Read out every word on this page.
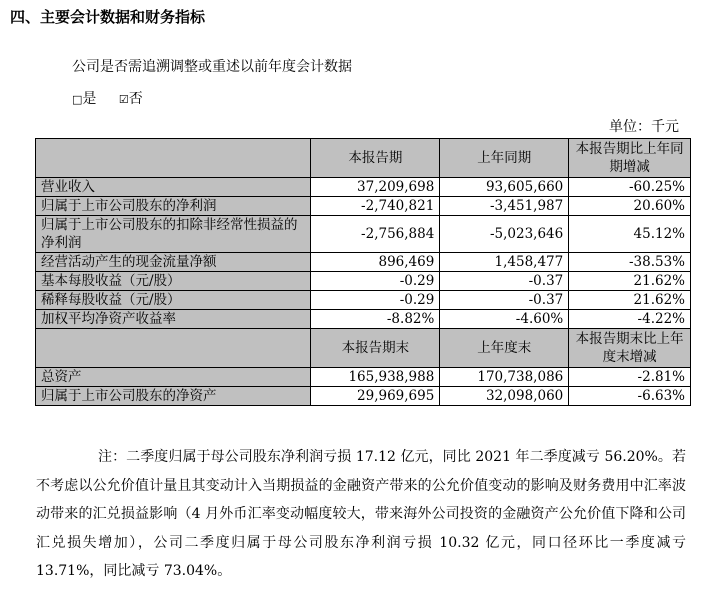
四、主要会计数据和财务指标
公司是否需追溯调整或重述以前年度会计数据
□是 ☑否
单位：千元
	本报告期	上年同期	本报告期比上年同期增减
营业收入	37,209,698	93,605,660	-60.25%
归属于上市公司股东的净利润	-2,740,821	-3,451,987	20.60%
归属于上市公司股东的扣除非经常性损益的净利润	-2,756,884	-5,023,646	45.12%
经营活动产生的现金流量净额	896,469	1,458,477	-38.53%
基本每股收益（元/股）	-0.29	-0.37	21.62%
稀释每股收益（元/股）	-0.29	-0.37	21.62%
加权平均净资产收益率	-8.82%	-4.60%	-4.22%
	本报告期末	上年度末	本报告期末比上年度末增减
总资产	165,938,988	170,738,086	-2.81%
归属于上市公司股东的净资产	29,969,695	32,098,060	-6.63%
注：二季度归属于母公司股东净利润亏损 17.12 亿元，同比 2021 年二季度减亏 56.20%。若不考虑以公允价值计量且其变动计入当期损益的金融资产带来的公允价值变动的影响及财务费用中汇率波动带来的汇兑损益影响（4 月外币汇率变动幅度较大，带来海外公司投资的金融资产公允价值下降和公司汇兑损失增加），公司二季度归属于母公司股东净利润亏损 10.32 亿元，同口径环比一季度减亏 13.71%，同比减亏 73.04%。
